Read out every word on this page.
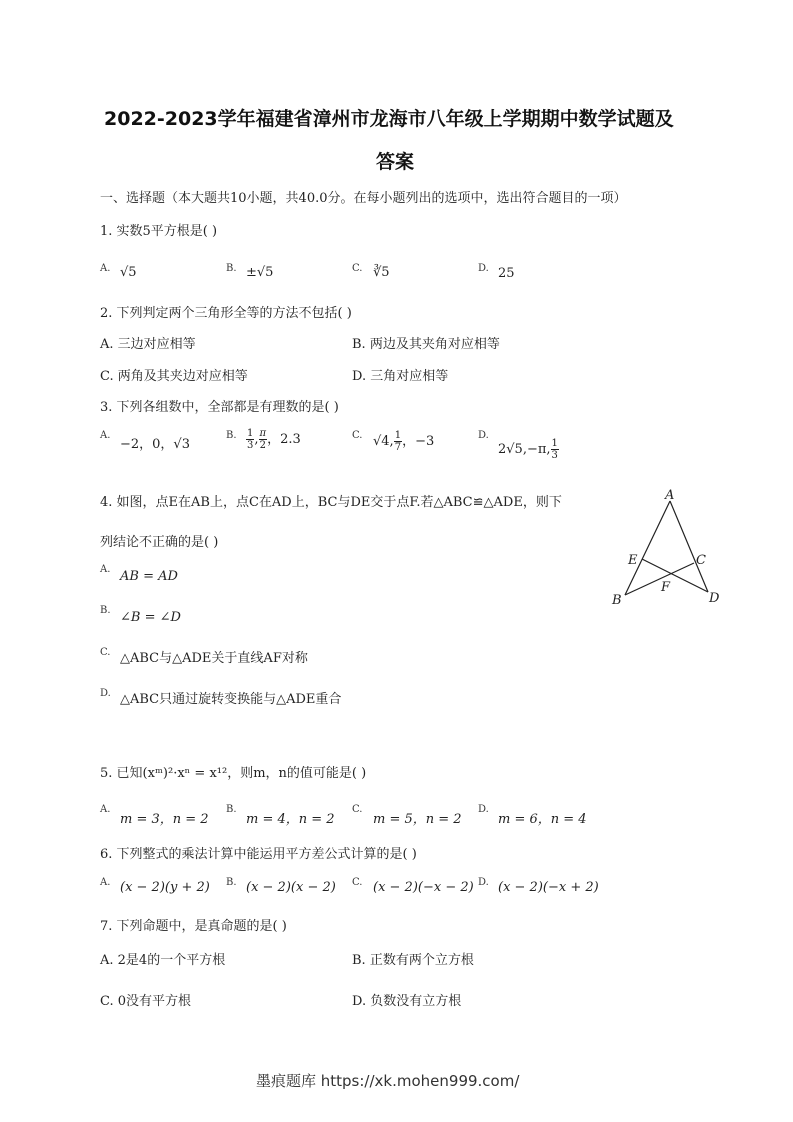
2022-2023学年福建省漳州市龙海市八年级上学期期中数学试题及
答案
一、选择题（本大题共10小题，共40.0分。在每小题列出的选项中，选出符合题目的一项）
1. 实数5平方根是( )
A. √5	B. ±√5	C. ∛5	D. 25
2. 下列判定两个三角形全等的方法不包括( )
A. 三边对应相等	B. 两边及其夹角对应相等
C. 两角及其夹边对应相等	D. 三角对应相等
3. 下列各组数中，全部都是有理数的是( )
A.
−2，0，√3
B. $\frac{1}{3}$ , $\frac{\pi}{2}$ ，2.3	C. √4, $\frac{1}{7}$ ，−3	D.
2√5,−π, $\frac{1}{3}$
4. 如图，点E在AB上，点C在AD上，BC与DE交于点F.若△ABC≌△ADE，则下
列结论不正确的是( )
A. AB = AD
B. ∠B = ∠D
C. △ABC与△ADE关于直线AF对称
D. △ABC只通过旋转变换能与△ADE重合
A
B
C
D
E
F
5. 已知(xᵐ)²·xⁿ = x¹²，则m，n的值可能是( )
A.
m = 3，n = 2
B.
m = 4，n = 2
C.
m = 5，n = 2
D.
m = 6，n = 4
6. 下列整式的乘法计算中能运用平方差公式计算的是( )
A. (x − 2)(y + 2) B. (x − 2)(x − 2) C. (x − 2)(−x − 2) D. (x − 2)(−x + 2)
7. 下列命题中，是真命题的是( )
A. 2是4的一个平方根	B. 正数有两个立方根
C. 0没有平方根	D. 负数没有立方根
墨痕题库 https://xk.mohen999.com/
